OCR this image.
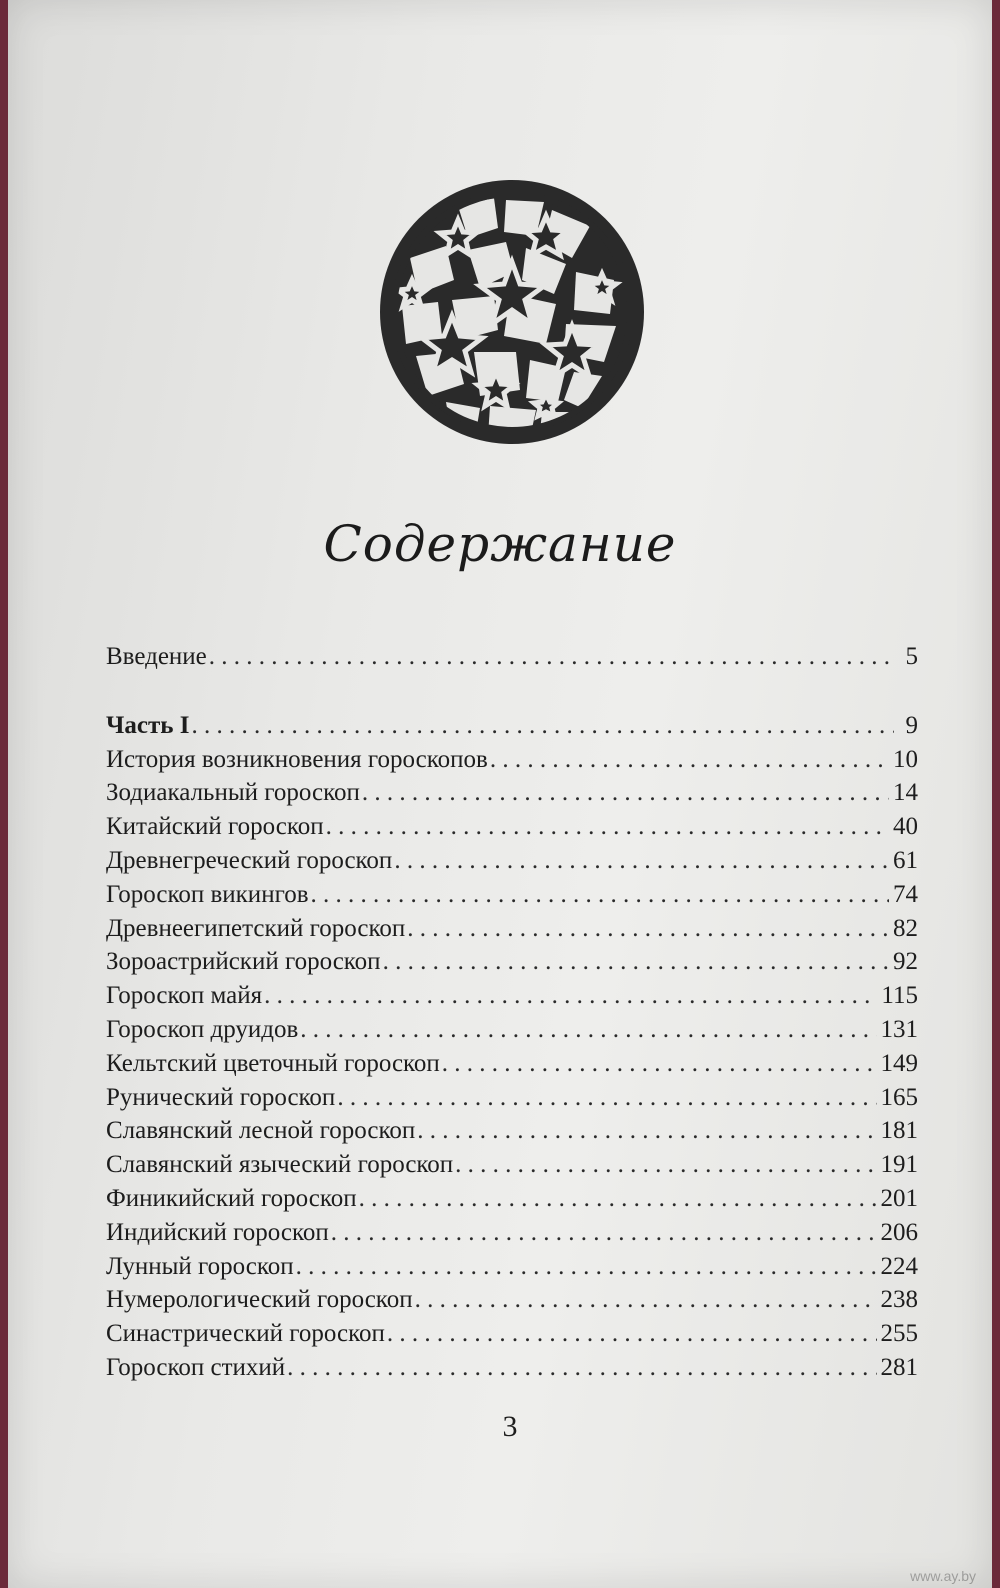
Содержание
Введение . . .	5
Часть I . . .	9
История возникновения гороскопов . . .	10
Зодиакальный гороскоп . . .	14
Китайский гороскоп . . .	40
Древнегреческий гороскоп . . .	61
Гороскоп викингов . . .	74
Древнеегипетский гороскоп . . .	82
Зороастрийский гороскоп . . .	92
Гороскоп майя . . .	115
Гороскоп друидов . . .	131
Кельтский цветочный гороскоп . . .	149
Рунический гороскоп . . .	165
Славянский лесной гороскоп . . .	181
Славянский языческий гороскоп . . .	191
Финикийский гороскоп . . .	201
Индийский гороскоп . . .	206
Лунный гороскоп . . .	224
Нумерологический гороскоп . . .	238
Синастрический гороскоп . . .	255
Гороскоп стихий . . .	281
3
www.ay.by
